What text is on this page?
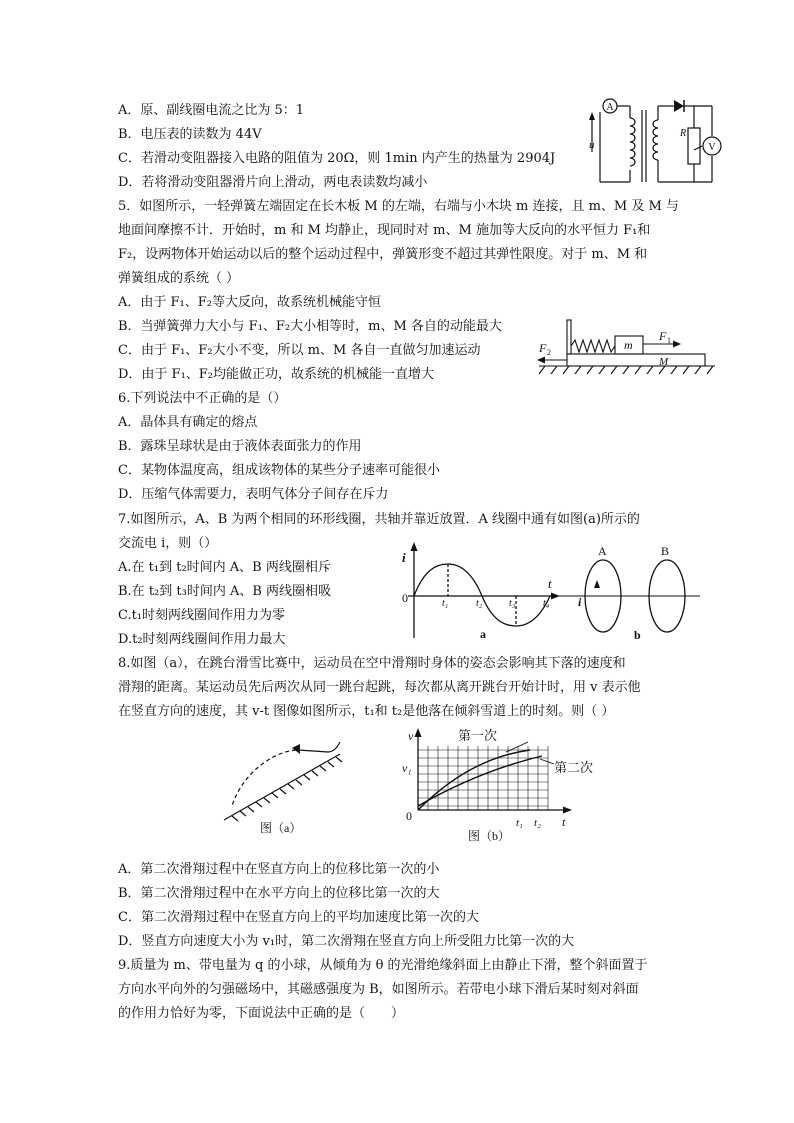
A．原、副线圈电流之比为 5：1
B．电压表的读数为 44V
C．若滑动变阻器接入电路的阻值为 20Ω，则 1min 内产生的热量为 2904J
D．若将滑动变阻器滑片向上滑动，两电表读数均减小
A
V
u
R
5．如图所示，一轻弹簧左端固定在长木板 M 的左端，右端与小木块 m 连接，且 m、M 及 M 与
地面间摩擦不计．开始时，m 和 M 均静止，现同时对 m、M 施加等大反向的水平恒力 F₁和
F₂，设两物体开始运动以后的整个运动过程中，弹簧形变不超过其弹性限度。对于 m、M 和
弹簧组成的系统（ ）
A．由于 F₁、F₂等大反向，故系统机械能守恒
B．当弹簧弹力大小与 F₁、F₂大小相等时，m、M 各自的动能最大
C．由于 F₁、F₂大小不变，所以 m、M 各自一直做匀加速运动
D．由于 F₁、F₂均能做正功，故系统的机械能一直增大
m
M
F 1
F 2
6.下列说法中不正确的是（）
A．晶体具有确定的熔点
B．露珠呈球状是由于液体表面张力的作用
C．某物体温度高，组成该物体的某些分子速率可能很小
D．压缩气体需要力，表明气体分子间存在斥力
7.如图所示，A、B 为两个相同的环形线圈，共轴并靠近放置．A 线圈中通有如图(a)所示的
交流电 i，则（）
A.在 t₁到 t₂时间内 A、B 两线圈相斥
B.在 t₂到 t₃时间内 A、B 两线圈相吸
C.t₁时刻两线圈间作用力为零
D.t₂时刻两线圈间作用力最大
i
t
0	t₁	t₂	t₃	t₄
a	b
A	B
i
8.如图（a），在跳台滑雪比赛中，运动员在空中滑翔时身体的姿态会影响其下落的速度和
滑翔的距离。某运动员先后两次从同一跳台起跳，每次都从离开跳台开始计时，用 v 表示他
在竖直方向的速度，其 v-t 图像如图所示，t₁和 t₂是他落在倾斜雪道上的时刻。则（ ）
图（a）
v
v₁
0	t₁ t₂ t
第一次
第二次
图（b）
A．第二次滑翔过程中在竖直方向上的位移比第一次的小
B．第二次滑翔过程中在水平方向上的位移比第一次的大
C．第二次滑翔过程中在竖直方向上的平均加速度比第一次的大
D．竖直方向速度大小为 v₁时，第二次滑翔在竖直方向上所受阻力比第一次的大
9.质量为 m、带电量为 q 的小球，从倾角为 θ 的光滑绝缘斜面上由静止下滑，整个斜面置于
方向水平向外的匀强磁场中，其磁感强度为 B，如图所示。若带电小球下滑后某时刻对斜面
的作用力恰好为零，下面说法中正确的是（　　）
